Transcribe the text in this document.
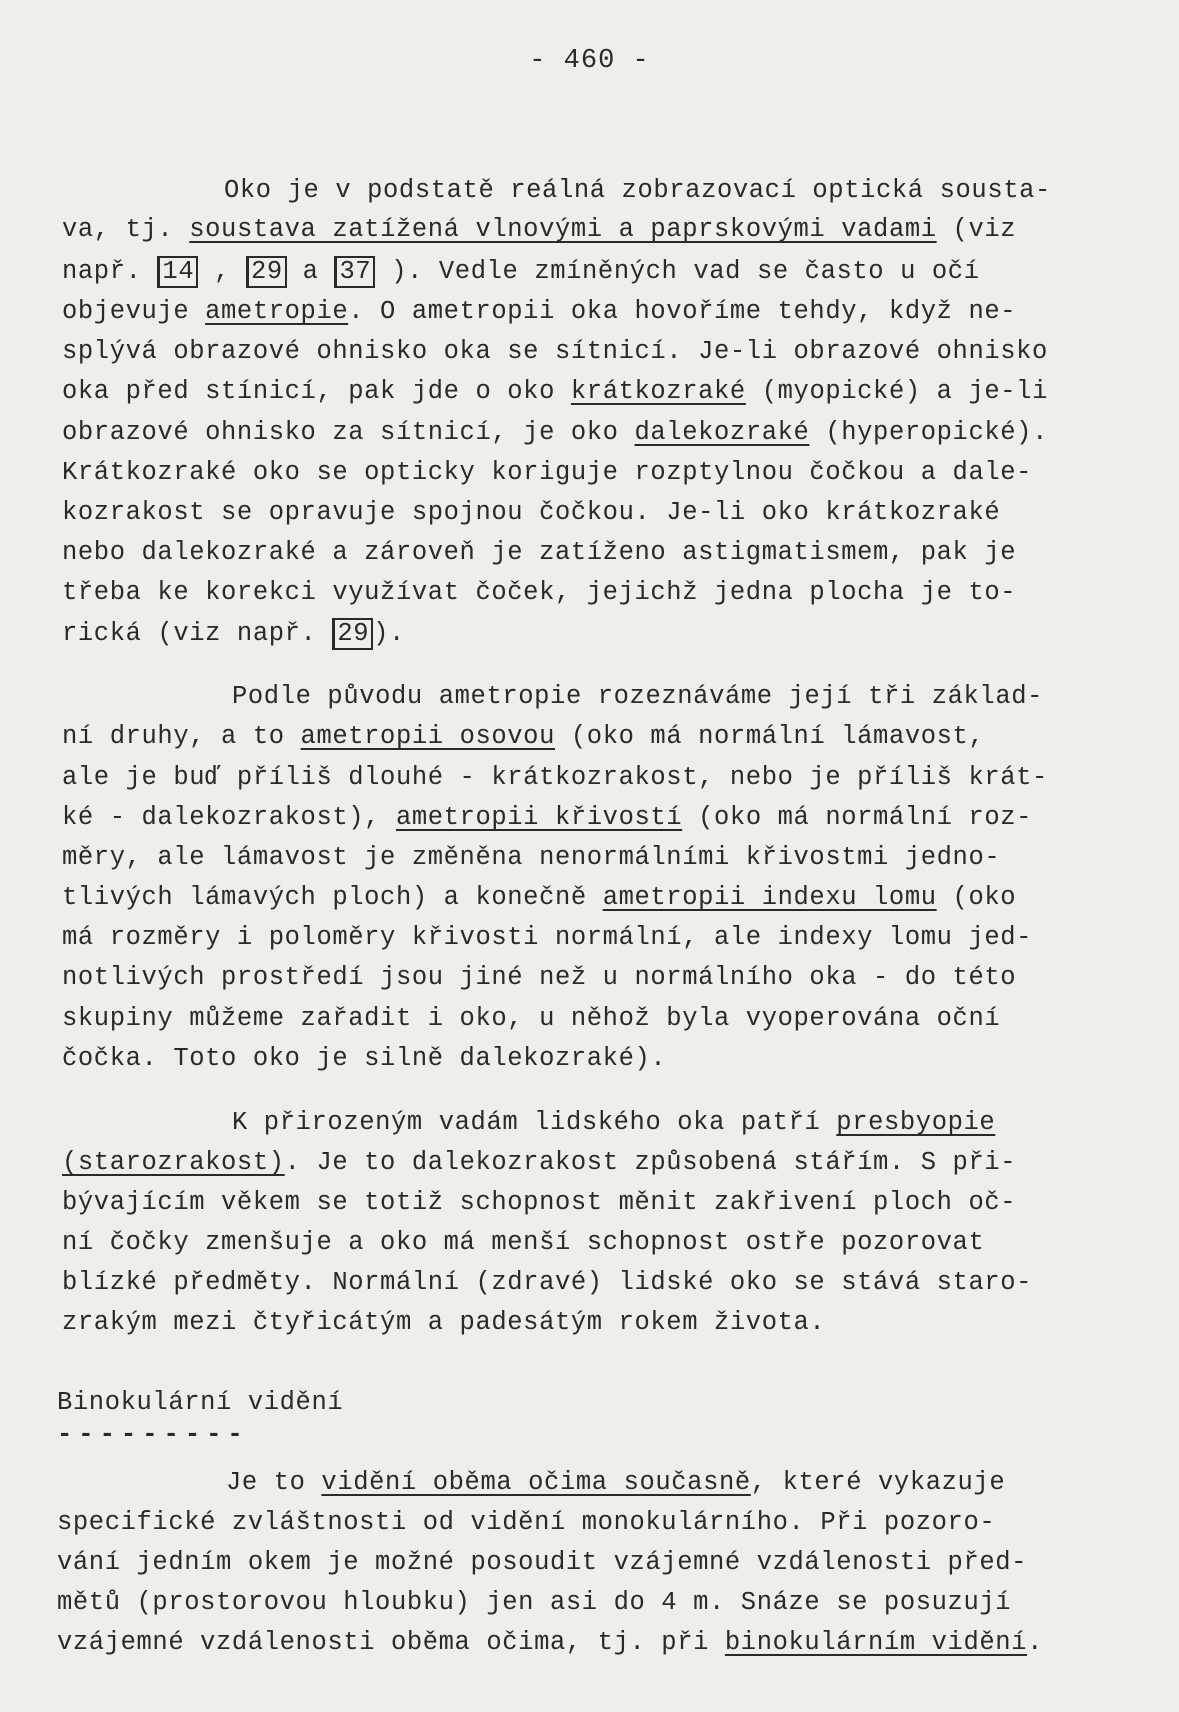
- 460 -
Oko je v podstatě reálná zobrazovací optická sousta-
va, tj. soustava zatížená vlnovými a paprskovými vadami (viz
např. 14 , 29 a 37 ). Vedle zmíněných vad se často u očí
objevuje ametropie. O ametropii oka hovoříme tehdy, když ne-
splývá obrazové ohnisko oka se sítnicí. Je-li obrazové ohnisko
oka před stínicí, pak jde o oko krátkozraké (myopické) a je-li
obrazové ohnisko za sítnicí, je oko dalekozraké (hyperopické).
Krátkozraké oko se opticky koriguje rozptylnou čočkou a dale-
kozrakost se opravuje spojnou čočkou. Je-li oko krátkozraké
nebo dalekozraké a zároveň je zatíženo astigmatismem, pak je
třeba ke korekci využívat čoček, jejichž jedna plocha je to-
rická (viz např. 29 ).
Podle původu ametropie rozeznáváme její tři základ-
ní druhy, a to ametropii osovou (oko má normální lámavost,
ale je buď příliš dlouhé - krátkozrakost, nebo je příliš krát-
ké - dalekozrakost), ametropii křivostí (oko má normální roz-
měry, ale lámavost je změněna nenormálními křivostmi jedno-
tlivých lámavých ploch) a konečně ametropii indexu lomu (oko
má rozměry i poloměry křivosti normální, ale indexy lomu jed-
notlivých prostředí jsou jiné než u normálního oka - do této
skupiny můžeme zařadit i oko, u něhož byla vyoperována oční
čočka. Toto oko je silně dalekozraké).
K přirozeným vadám lidského oka patří presbyopie
(starozrakost). Je to dalekozrakost způsobená stářím. S při-
bývajícím věkem se totiž schopnost měnit zakřivení ploch oč-
ní čočky zmenšuje a oko má menší schopnost ostře pozorovat
blízké předměty. Normální (zdravé) lidské oko se stává staro-
zrakým mezi čtyřicátým a padesátým rokem života.
Je to vidění oběma očima současně, které vykazuje
specifické zvláštnosti od vidění monokulárního. Při pozoro-
vání jedním okem je možné posoudit vzájemné vzdálenosti před-
mětů (prostorovou hloubku) jen asi do 4 m. Snáze se posuzují
vzájemné vzdálenosti oběma očima, tj. při binokulárním vidění.
Binokulární vidění
---------
